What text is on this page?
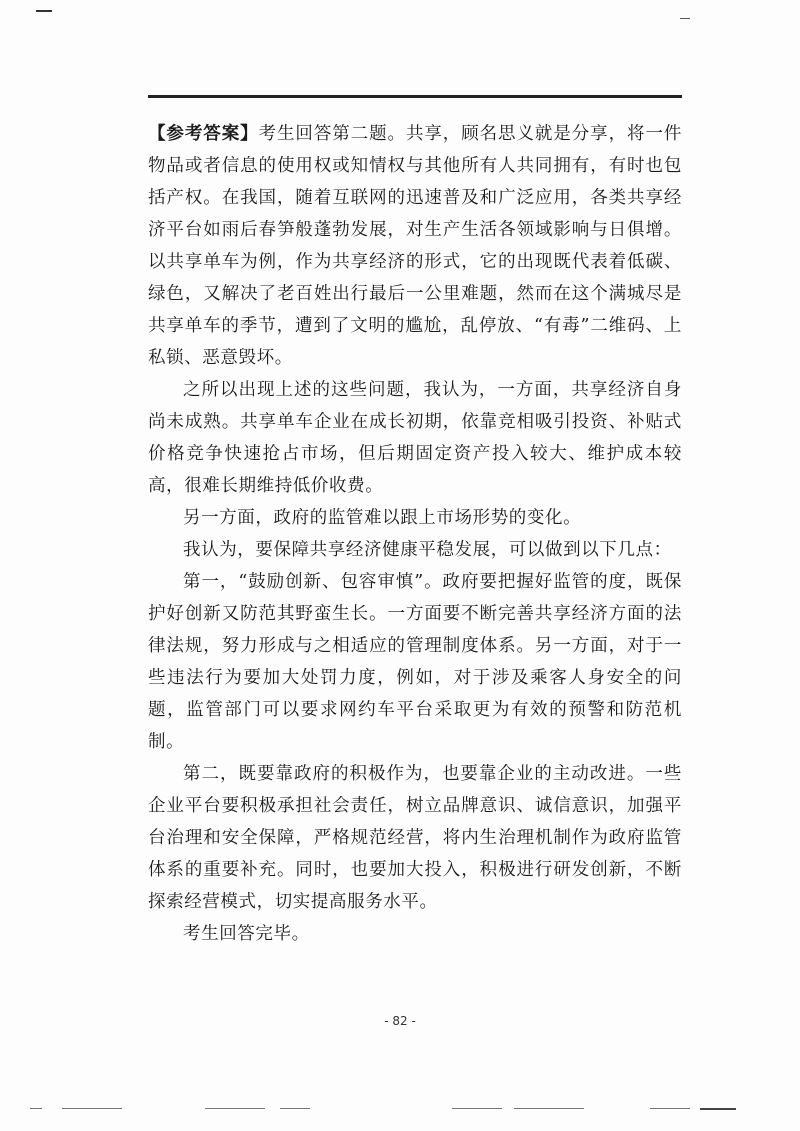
【参考答案】考生回答第二题。共享，顾名思义就是分享，将一件物品或者信息的使用权或知情权与其他所有人共同拥有，有时也包括产权。在我国，随着互联网的迅速普及和广泛应用，各类共享经济平台如雨后春笋般蓬勃发展，对生产生活各领域影响与日俱增。以共享单车为例，作为共享经济的形式，它的出现既代表着低碳、绿色，又解决了老百姓出行最后一公里难题，然而在这个满城尽是共享单车的季节，遭到了文明的尴尬，乱停放、“有毒”二维码、上私锁、恶意毁坏。

之所以出现上述的这些问题，我认为，一方面，共享经济自身尚未成熟。共享单车企业在成长初期，依靠竞相吸引投资、补贴式价格竞争快速抢占市场，但后期固定资产投入较大、维护成本较高，很难长期维持低价收费。

另一方面，政府的监管难以跟上市场形势的变化。

我认为，要保障共享经济健康平稳发展，可以做到以下几点：

第一，“鼓励创新、包容审慎”。政府要把握好监管的度，既保护好创新又防范其野蛮生长。一方面要不断完善共享经济方面的法律法规，努力形成与之相适应的管理制度体系。另一方面，对于一些违法行为要加大处罚力度，例如，对于涉及乘客人身安全的问题，监管部门可以要求网约车平台采取更为有效的预警和防范机制。

第二，既要靠政府的积极作为，也要靠企业的主动改进。一些企业平台要积极承担社会责任，树立品牌意识、诚信意识，加强平台治理和安全保障，严格规范经营，将内生治理机制作为政府监管体系的重要补充。同时，也要加大投入，积极进行研发创新，不断探索经营模式，切实提高服务水平。

考生回答完毕。

- 82 -
